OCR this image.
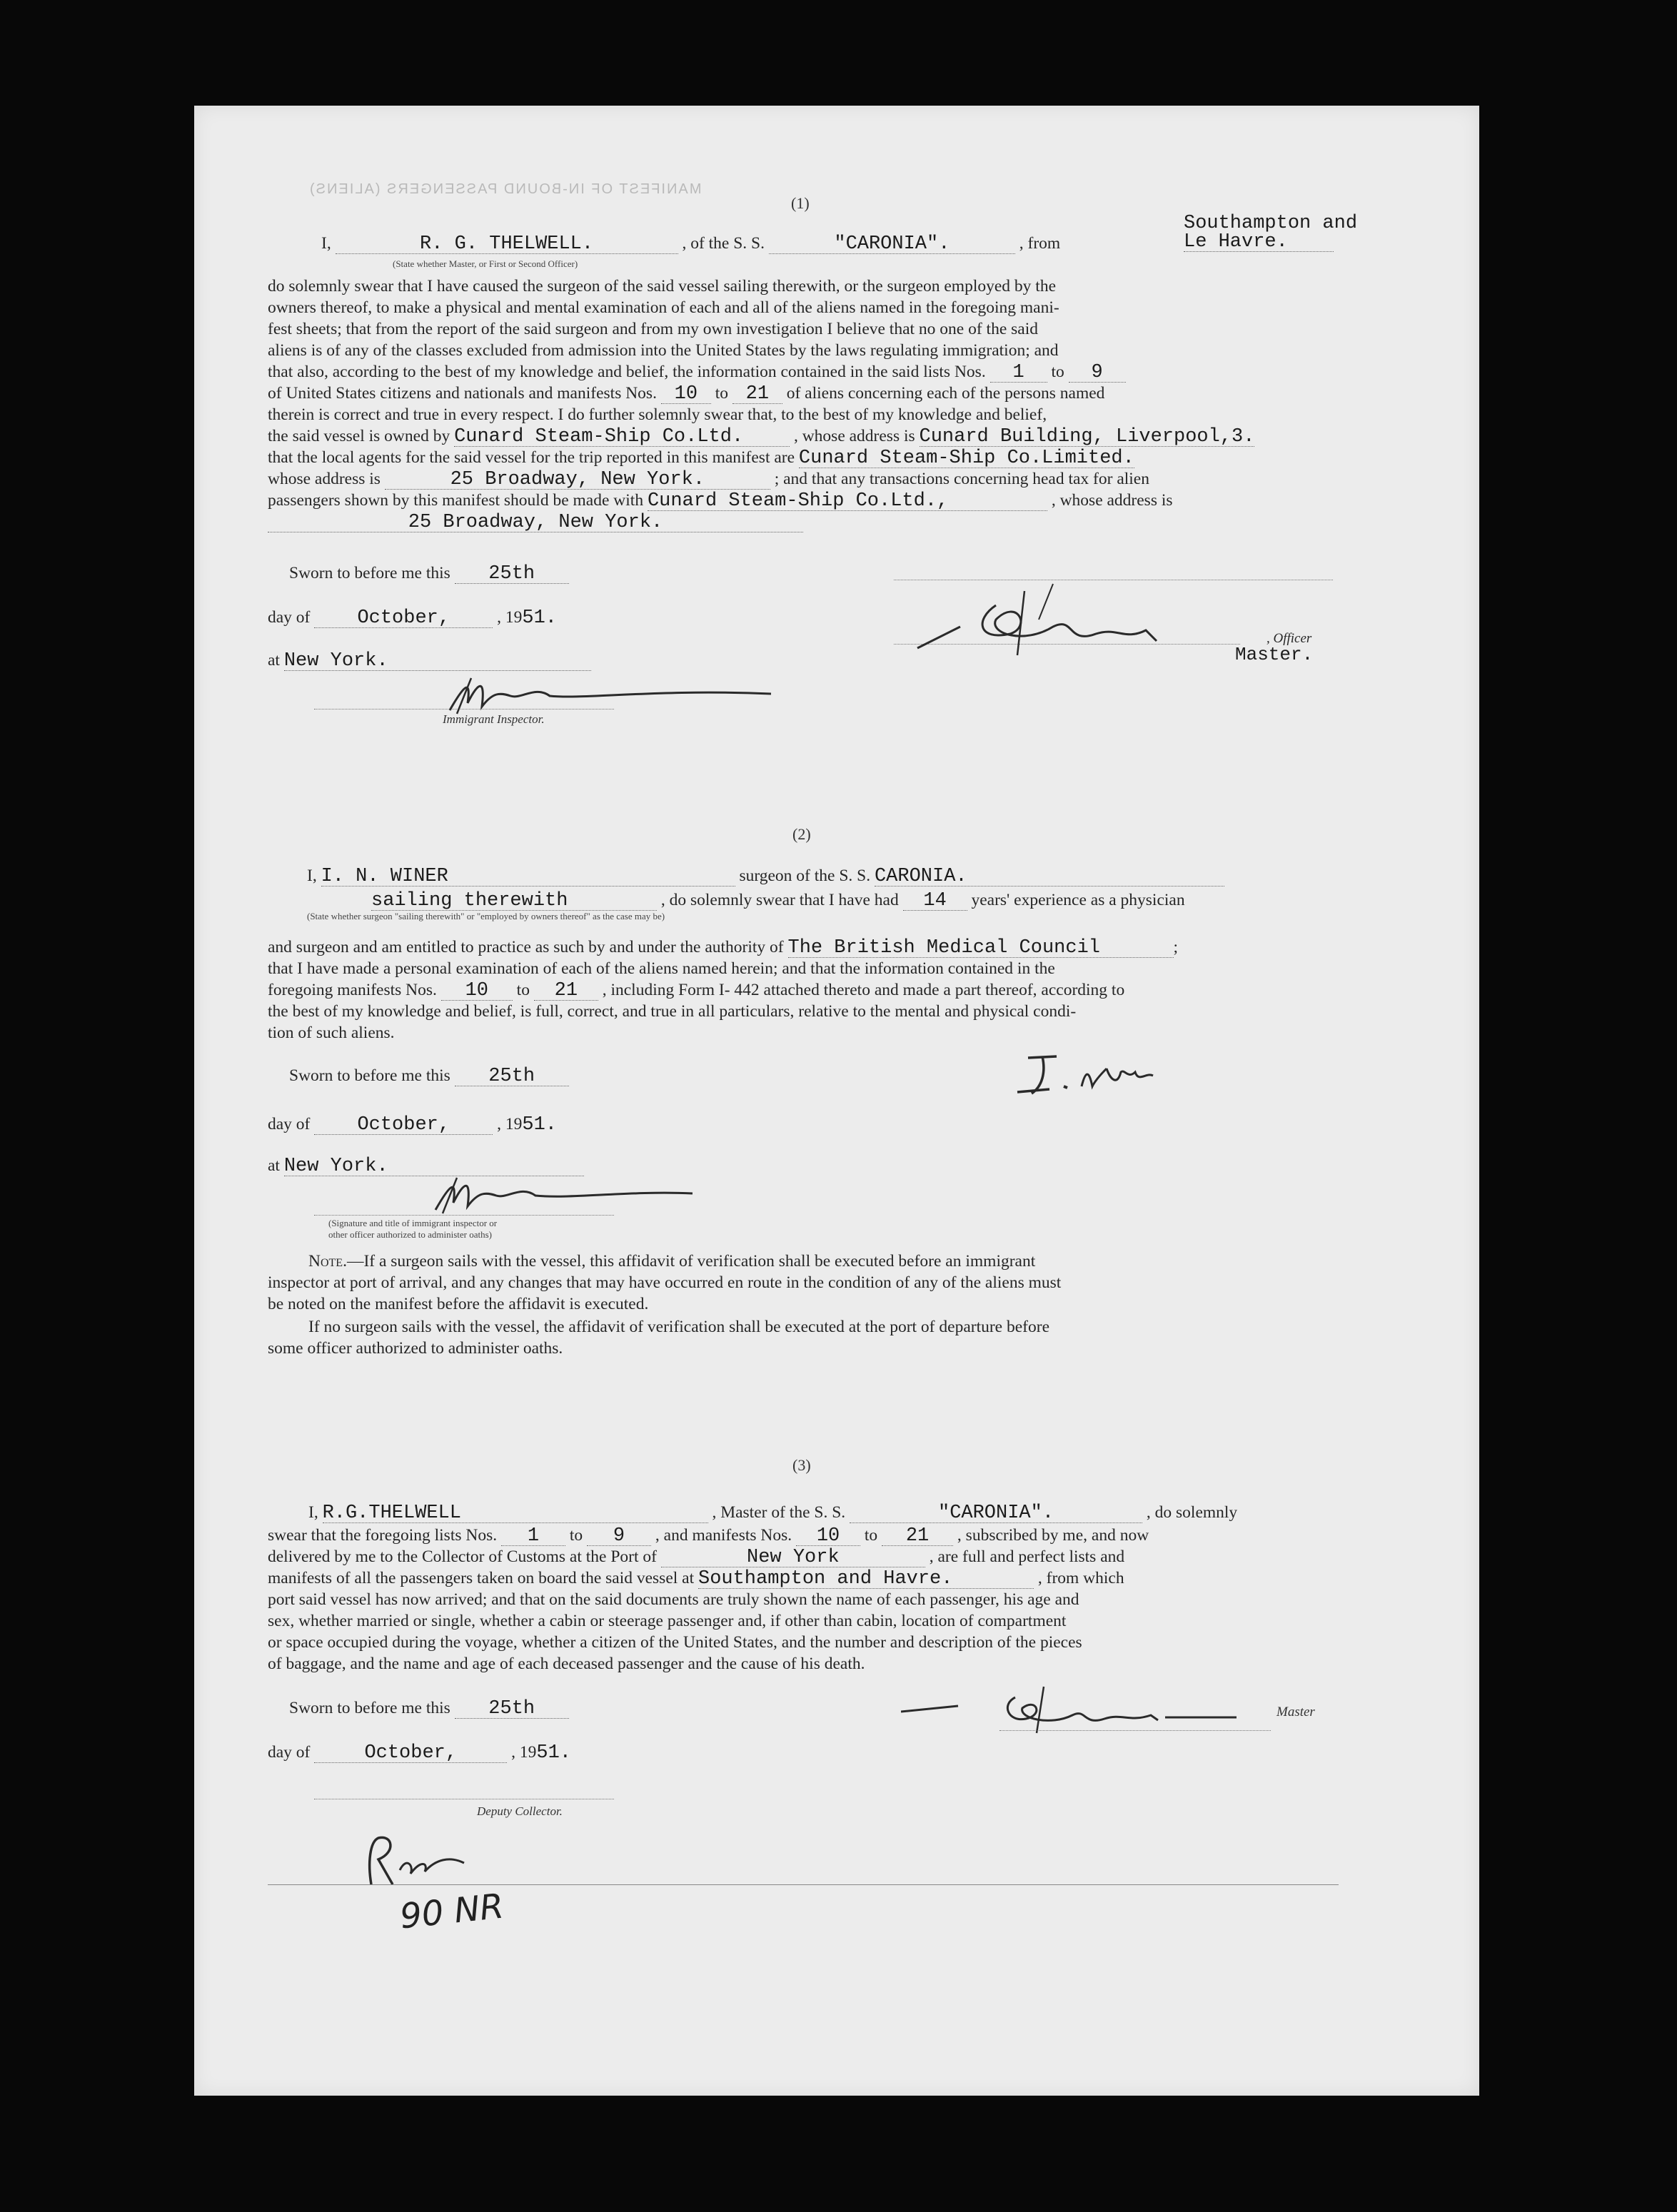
MANIFEST OF IN-BOUND PASSENGERS (ALIENS)
(1)
I,	R. G. THELWELL.	, of the S. S.	"CARONIA".	, from
Southampton and
Le Havre.
(State whether Master, or First or Second Officer)
do solemnly swear that I have caused the surgeon of the said vessel sailing therewith, or the surgeon employed by the
owners thereof, to make a physical and mental examination of each and all of the aliens named in the foregoing mani-
fest sheets; that from the report of the said surgeon and from my own investigation I believe that no one of the said
aliens is of any of the classes excluded from admission into the United States by the laws regulating immigration; and
that also, according to the best of my knowledge and belief, the information contained in the said lists Nos. 1 to 9
of United States citizens and nationals and manifests Nos. 10 to 21 of aliens concerning each of the persons named
therein is correct and true in every respect. I do further solemnly swear that, to the best of my knowledge and belief,
the said vessel is owned by Cunard Steam-Ship Co.Ltd.	, whose address is Cunard Building, Liverpool,3.
that the local agents for the said vessel for the trip reported in this manifest are Cunard Steam-Ship Co.Limited.
whose address is	25 Broadway, New York.	; and that any transactions concerning head tax for alien
passengers shown by this manifest should be made with Cunard Steam-Ship Co.Ltd.,	, whose address is
25 Broadway, New York.
Sworn to before me this 25th
day of October,	, 1951.
at New York.
, Officer
Master.
Immigrant Inspector.
(2)
I, I. N. WINER	surgeon of the S. S. CARONIA.
sailing therewith	, do solemnly swear that I have had 14 years' experience as a physician
(State whether surgeon "sailing therewith" or "employed by owners thereof" as the case may be)
and surgeon and am entitled to practice as such by and under the authority of The British Medical Council	;
that I have made a personal examination of each of the aliens named herein; and that the information contained in the
foregoing manifests Nos. 10 to 21 , including Form I- 442 attached thereto and made a part thereof, according to
the best of my knowledge and belief, is full, correct, and true in all particulars, relative to the mental and physical condi-
tion of such aliens.
Sworn to before me this 25th
day of October,	, 1951.
at New York.
(Signature and title of immigrant inspector or
other officer authorized to administer oaths)
Note.—If a surgeon sails with the vessel, this affidavit of verification shall be executed before an immigrant
inspector at port of arrival, and any changes that may have occurred en route in the condition of any of the aliens must
be noted on the manifest before the affidavit is executed.
If no surgeon sails with the vessel, the affidavit of verification shall be executed at the port of departure before
some officer authorized to administer oaths.
(3)
I, R.G.THELWELL	, Master of the S. S.	"CARONIA".	, do solemnly
swear that the foregoing lists Nos. 1 to 9 , and manifests Nos. 10 to 21 , subscribed by me, and now
delivered by me to the Collector of Customs at the Port of	New York	, are full and perfect lists and
manifests of all the passengers taken on board the said vessel at Southampton and Havre.	, from which
port said vessel has now arrived; and that on the said documents are truly shown the name of each passenger, his age and
sex, whether married or single, whether a cabin or steerage passenger and, if other than cabin, location of compartment
or space occupied during the voyage, whether a citizen of the United States, and the number and description of the pieces
of baggage, and the name and age of each deceased passenger and the cause of his death.
Sworn to before me this 25th
day of	October,	, 1951.
Master
Deputy Collector.
90 NR
